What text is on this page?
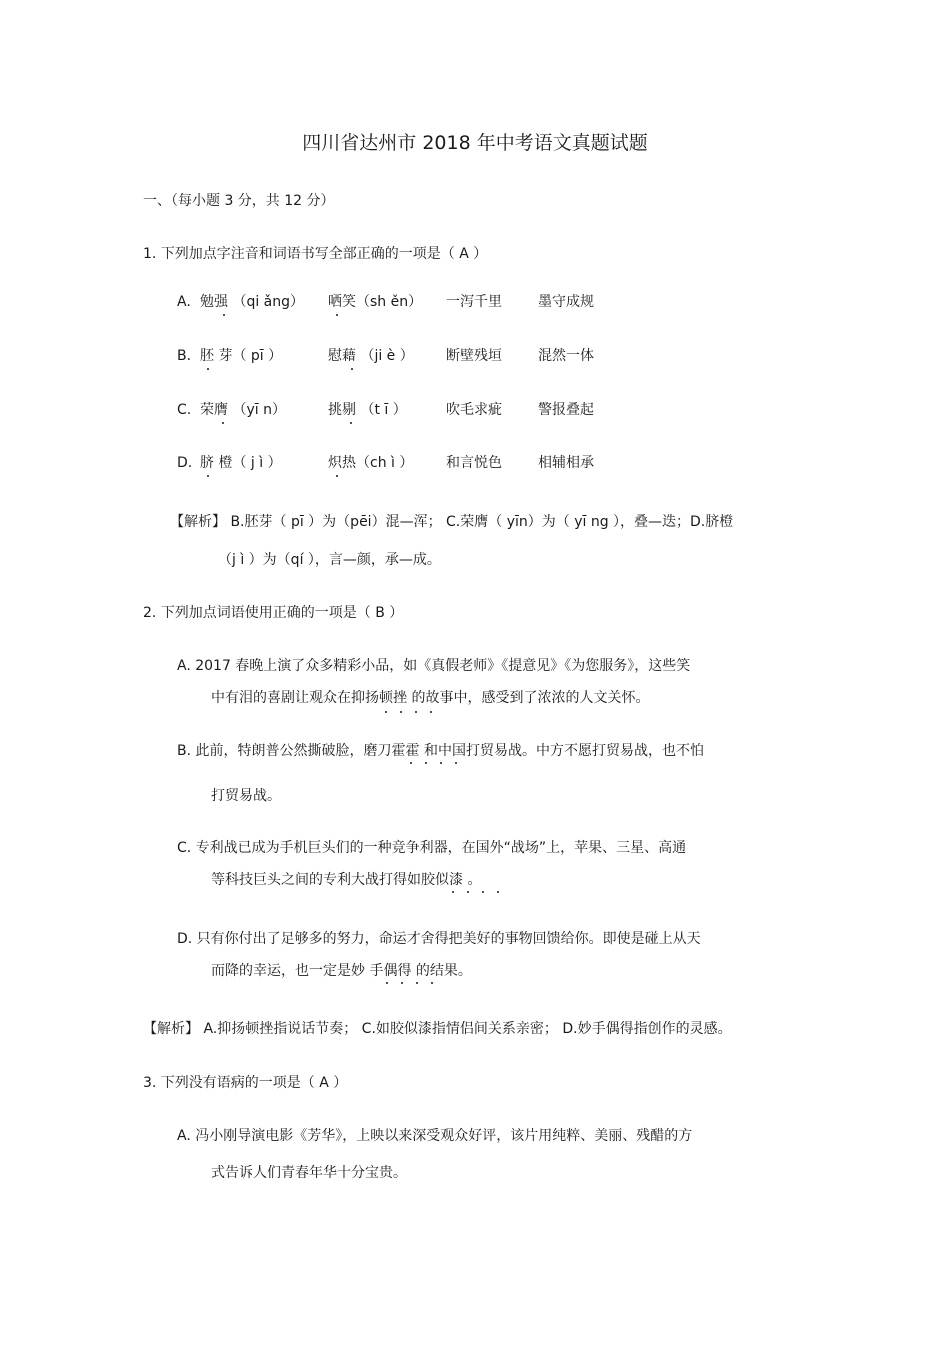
四川省达州市 2018 年中考语文真题试题
一、（每小题 3 分，共 12 分）
1. 下列加点字注音和词语书写全部正确的一项是（ A ）
A. 勉强 （qi ǎng） 哂笑（sh ěn） 一泻千里	墨守成规
B. 胚 芽（ pī ）	慰藉 （ji è ） 断壁残垣	混然一体
C. 荣膺 （yī n）	挑剔 （t ī ）	吹毛求疵	警报叠起
D. 脐 橙（ j ì ）	炽热（ch ì ） 和言悦色	相辅相承
【解析】 B.胚芽（ pī ）为（pēi）混—浑； C.荣膺（ yīn）为（ yī ng ），叠—迭；D.脐橙
（j ì ）为（qí ），言—颜，承—成。
2. 下列加点词语使用正确的一项是（ B ）
A. 2017 春晚上演了众多精彩小品，如《真假老师》《提意见》《为您服务》，这些笑
中有泪的喜剧让观众在抑扬顿挫 的故事中，感受到了浓浓的人文关怀。
B. 此前，特朗普公然撕破脸，磨刀霍霍 和中国打贸易战。中方不愿打贸易战，也不怕
打贸易战。
C. 专利战已成为手机巨头们的一种竞争利器，在国外“战场”上，苹果、三星、高通
等科技巨头之间的专利大战打得如胶似漆 。
D. 只有你付出了足够多的努力，命运才舍得把美好的事物回馈给你。即使是碰上从天
而降的幸运，也一定是妙 手偶得 的结果。
【解析】 A.抑扬顿挫指说话节奏； C.如胶似漆指情侣间关系亲密； D.妙手偶得指创作的灵感。
3. 下列没有语病的一项是（ A ）
A. 冯小刚导演电影《芳华》，上映以来深受观众好评，该片用纯粹、美丽、残醋的方
式告诉人们青春年华十分宝贵。
